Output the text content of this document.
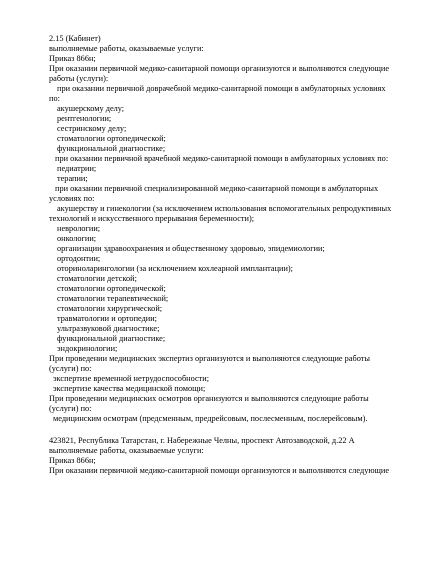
2.15 (Кабинет)

выполняемые работы, оказываемые услуги:

Приказ 866н;

При оказании первичной медико-санитарной помощи организуются и выполняются следующие

работы (услуги):

при оказании первичной доврачебной медико-санитарной помощи в амбулаторных условиях

по:

акушерскому делу;

рентгенологии;

сестринскому делу;

стоматологии ортопедической;

функциональной диагностике;

при оказании первичной врачебной медико-санитарной помощи в амбулаторных условиях по:

педиатрии;

терапии;

при оказании первичной специализированной медико-санитарной помощи в амбулаторных

условиях по:

акушерству и гинекологии (за исключением использования вспомогательных репродуктивных

технологий и искусственного прерывания беременности);

неврологии;

онкологии;

организации здравоохранения и общественному здоровью, эпидемиологии;

ортодонтии;

оториноларингологии (за исключением кохлеарной имплантации);

стоматологии детской;

стоматологии ортопедической;

стоматологии терапевтической;

стоматологии хирургической;

травматологии и ортопедии;

ультразвуковой диагностике;

функциональной диагностике;

эндокринологии;

При проведении медицинских экспертиз организуются и выполняются следующие работы

(услуги) по:

экспертизе временной нетрудоспособности;

экспертизе качества медицинской помощи;

При проведении медицинских осмотров организуются и выполняются следующие работы

(услуги) по:

медицинским осмотрам (предсменным, предрейсовым, послесменным, послерейсовым).

423821, Республика Татарстан, г. Набережные Челны, проспект Автозаводской, д.22 А

выполняемые работы, оказываемые услуги:

Приказ 866н;

При оказании первичной медико-санитарной помощи организуются и выполняются следующие
